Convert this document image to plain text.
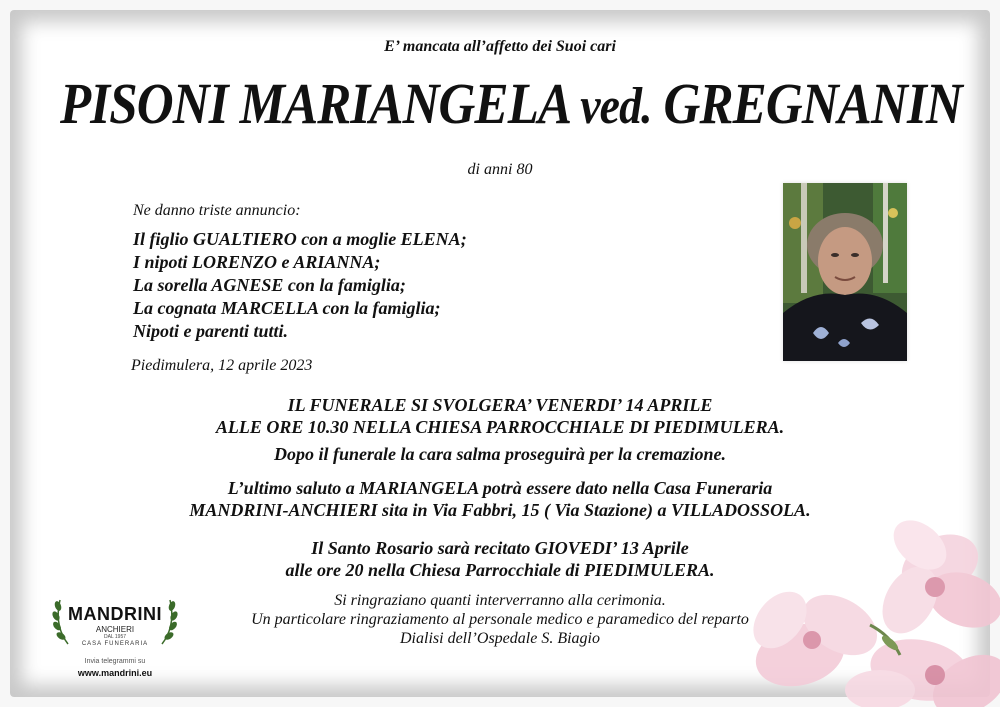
E’ mancata all’affetto dei Suoi cari
PISONI MARIANGELA ved. GREGNANIN
di anni 80
Ne danno triste annuncio:
Il figlio GUALTIERO con a moglie ELENA;
I nipoti LORENZO e ARIANNA;
La sorella AGNESE con la famiglia;
La cognata MARCELLA con la famiglia;
Nipoti e parenti tutti.
Piedimulera, 12 aprile 2023
IL FUNERALE SI SVOLGERA’ VENERDI’ 14 APRILE
ALLE ORE 10.30 NELLA CHIESA PARROCCHIALE DI PIEDIMULERA.
Dopo il funerale la cara salma proseguirà per la cremazione.
L’ultimo saluto a MARIANGELA potrà essere dato nella Casa Funeraria
MANDRINI-ANCHIERI sita in Via Fabbri, 15 ( Via Stazione) a VILLADOSSOLA.
Il Santo Rosario sarà recitato GIOVEDI’ 13 Aprile
alle ore 20 nella Chiesa Parrocchiale di PIEDIMULERA.
Si ringraziano quanti interverranno alla cerimonia.
Un particolare ringraziamento al personale medico e paramedico del reparto
Dialisi dell’Ospedale S. Biagio
MANDRINI
ANCHIERI
DAL 1957
CASA FUNERARIA
Invia telegrammi su
www.mandrini.eu
